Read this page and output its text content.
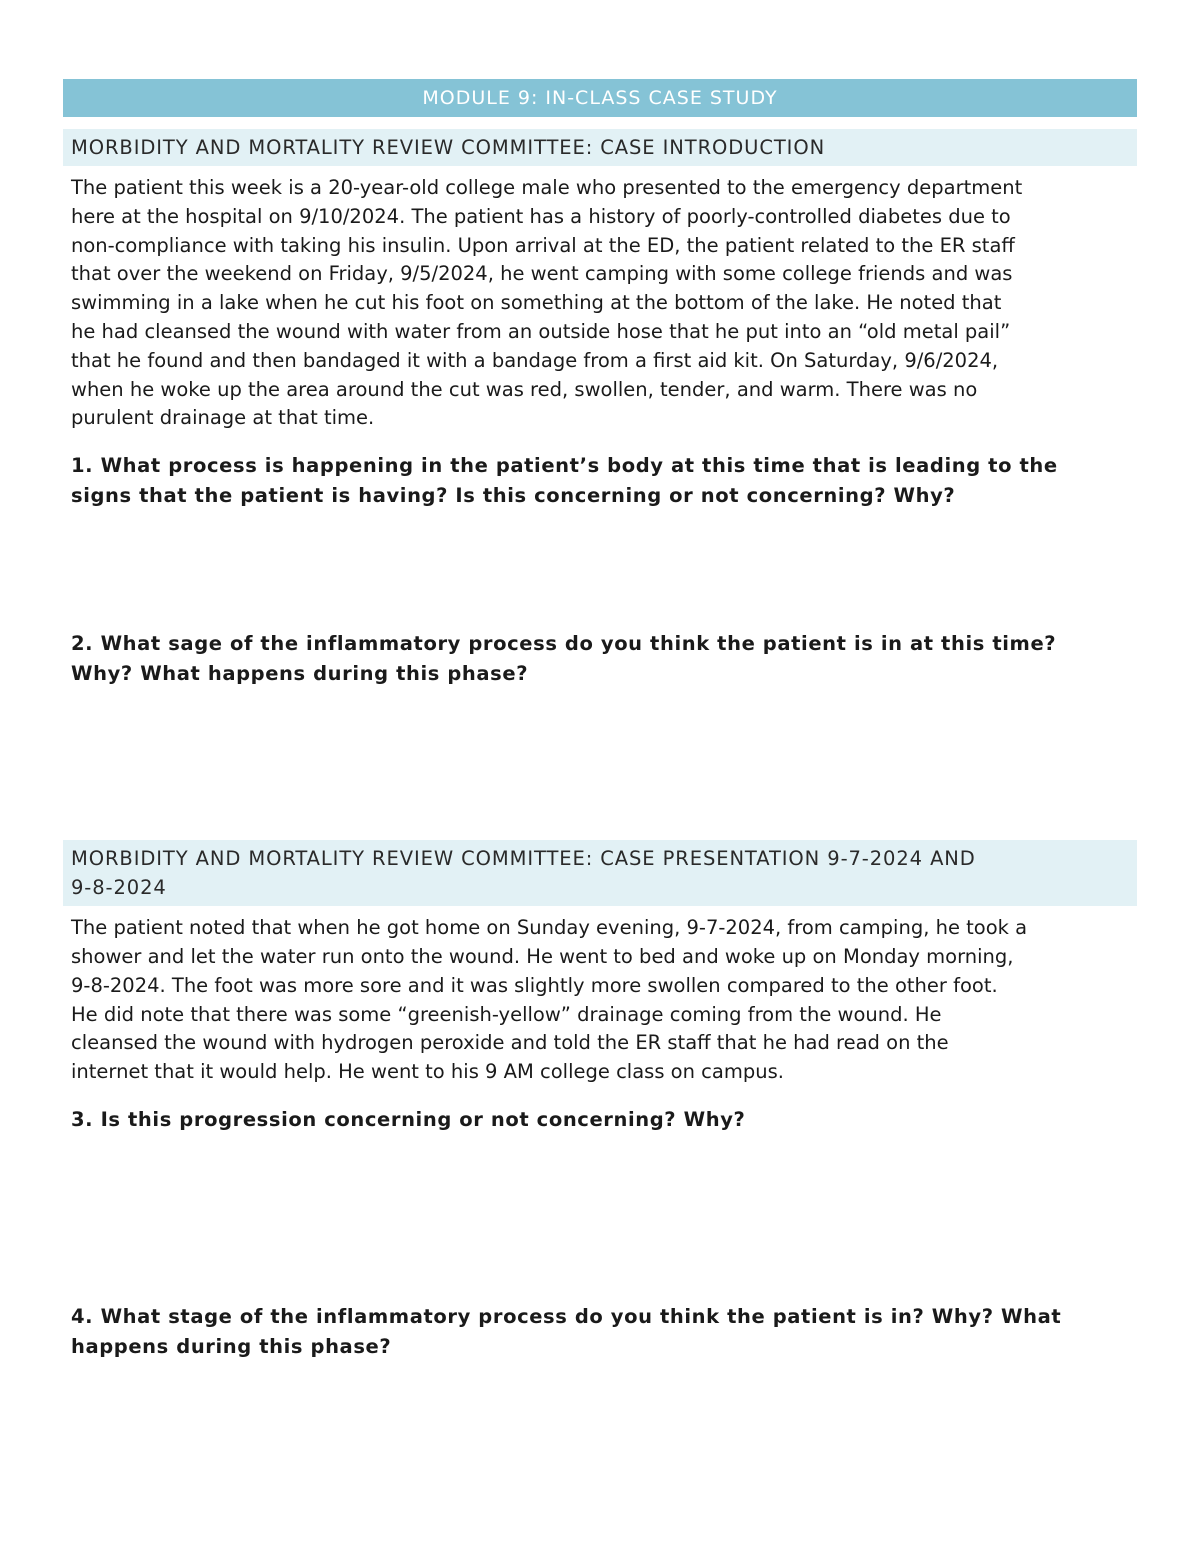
MODULE 9: IN-CLASS CASE STUDY
MORBIDITY AND MORTALITY REVIEW COMMITTEE: CASE INTRODUCTION
The patient this week is a 20-year-old college male who presented to the emergency department
here at the hospital on 9/10/2024. The patient has a history of poorly-controlled diabetes due to
non-compliance with taking his insulin. Upon arrival at the ED, the patient related to the ER staff
that over the weekend on Friday, 9/5/2024, he went camping with some college friends and was
swimming in a lake when he cut his foot on something at the bottom of the lake. He noted that
he had cleansed the wound with water from an outside hose that he put into an “old metal pail”
that he found and then bandaged it with a bandage from a first aid kit. On Saturday, 9/6/2024,
when he woke up the area around the cut was red, swollen, tender, and warm. There was no
purulent drainage at that time.
1. What process is happening in the patient’s body at this time that is leading to the
signs that the patient is having? Is this concerning or not concerning? Why?
2. What sage of the inflammatory process do you think the patient is in at this time?
Why? What happens during this phase?
MORBIDITY AND MORTALITY REVIEW COMMITTEE: CASE PRESENTATION 9-7-2024 AND
9-8-2024
The patient noted that when he got home on Sunday evening, 9-7-2024, from camping, he took a
shower and let the water run onto the wound. He went to bed and woke up on Monday morning,
9-8-2024. The foot was more sore and it was slightly more swollen compared to the other foot.
He did note that there was some “greenish-yellow” drainage coming from the wound. He
cleansed the wound with hydrogen peroxide and told the ER staff that he had read on the
internet that it would help. He went to his 9 AM college class on campus.
3. Is this progression concerning or not concerning? Why?
4. What stage of the inflammatory process do you think the patient is in? Why? What
happens during this phase?
